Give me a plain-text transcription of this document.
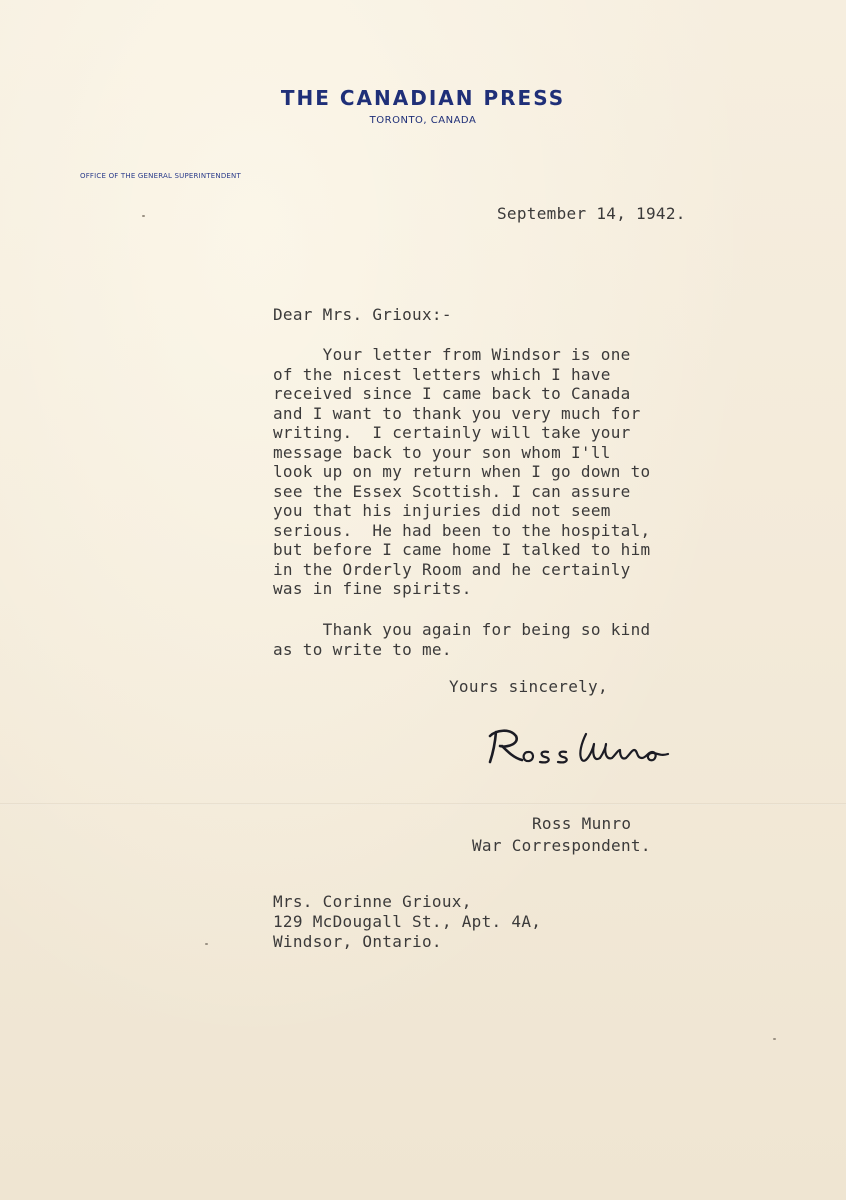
THE CANADIAN PRESS
TORONTO, CANADA
OFFICE OF THE GENERAL SUPERINTENDENT
September 14, 1942.
Dear Mrs. Grioux:-
Your letter from Windsor is one
of the nicest letters which I have
received since I came back to Canada
and I want to thank you very much for
writing.  I certainly will take your
message back to your son whom I'll
look up on my return when I go down to
see the Essex Scottish. I can assure
you that his injuries did not seem
serious.  He had been to the hospital,
but before I came home I talked to him
in the Orderly Room and he certainly
was in fine spirits.
Thank you again for being so kind
as to write to me.
Yours sincerely,
Ross Munro
War Correspondent.
Mrs. Corinne Grioux,
129 McDougall St., Apt. 4A,
Windsor, Ontario.
